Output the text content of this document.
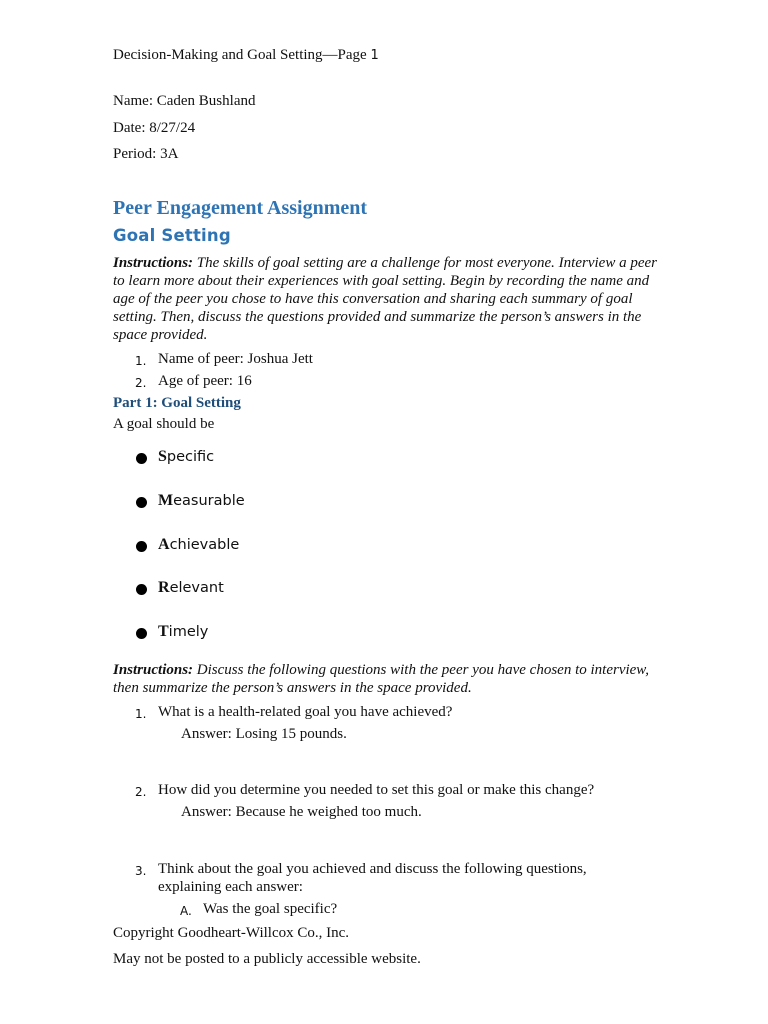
Decision-Making and Goal Setting—Page 1
Name: Caden Bushland
Date: 8/27/24
Period: 3A
Peer Engagement Assignment
Goal Setting
Instructions: The skills of goal setting are a challenge for most everyone. Interview a peer to learn more about their experiences with goal setting. Begin by recording the name and age of the peer you chose to have this conversation and sharing each summary of goal setting. Then, discuss the questions provided and summarize the person’s answers in the space provided.
1. Name of peer: Joshua Jett
2. Age of peer: 16
Part 1: Goal Setting
A goal should be
Specific
Measurable
Achievable
Relevant
Timely
Instructions: Discuss the following questions with the peer you have chosen to interview, then summarize the person’s answers in the space provided.
1. What is a health-related goal you have achieved?
Answer: Losing 15 pounds.
2. How did you determine you needed to set this goal or make this change?
Answer: Because he weighed too much.
3. Think about the goal you achieved and discuss the following questions,
explaining each answer:
A. Was the goal specific?
Copyright Goodheart-Willcox Co., Inc.
May not be posted to a publicly accessible website.
